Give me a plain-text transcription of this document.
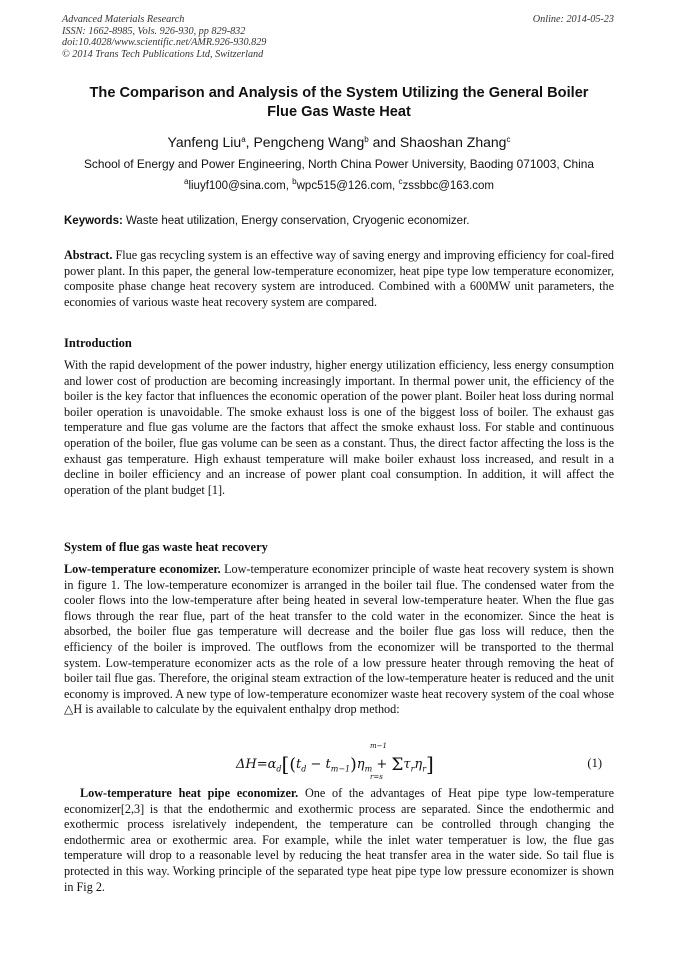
Advanced Materials Research
ISSN: 1662-8985, Vols. 926-930, pp 829-832
doi:10.4028/www.scientific.net/AMR.926-930.829
© 2014 Trans Tech Publications Ltd, Switzerland
Online: 2014-05-23
The Comparison and Analysis of the System Utilizing the General Boiler
Flue Gas Waste Heat
Yanfeng Liu$^a$, Pengcheng Wang$^b$ and Shaoshan Zhang$^c$
School of Energy and Power Engineering, North China Power University, Baoding 071003, China
$^a$liuyf100@sina.com, $^b$wpc515@126.com, $^c$zssbbc@163.com
Keywords: Waste heat utilization, Energy conservation, Cryogenic economizer.
Abstract. Flue gas recycling system is an effective way of saving energy and improving efficiency for coal-fired power plant. In this paper, the general low-temperature economizer, heat pipe type low temperature economizer, composite phase change heat recovery system are introduced. Combined with a 600MW unit parameters, the economies of various waste heat recovery system are compared.
Introduction
With the rapid development of the power industry, higher energy utilization efficiency, less energy consumption and lower cost of production are becoming increasingly important. In thermal power unit, the efficiency of the boiler is the key factor that influences the economic operation of the power plant. Boiler heat loss during normal boiler operation is unavoidable. The smoke exhaust loss is one of the biggest loss of boiler. The exhaust gas temperature and flue gas volume are the factors that affect the smoke exhaust loss. For stable and continuous operation of the boiler, flue gas volume can be seen as a constant. Thus, the direct factor affecting the loss is the exhaust gas temperature. High exhaust temperature will make boiler exhaust loss increased, and result in a decline in boiler efficiency and an increase of power plant coal consumption. In addition, it will affect the operation of the plant budget [1].
System of flue gas waste heat recovery
Low-temperature economizer. Low-temperature economizer principle of waste heat recovery system is shown in figure 1. The low-temperature economizer is arranged in the boiler tail flue. The condensed water from the cooler flows into the low-temperature after being heated in several low-temperature heater. When the flue gas flows through the rear flue, part of the heat transfer to the cold water in the economizer. Since the heat is absorbed, the boiler flue gas temperature will decrease and the boiler flue gas loss will reduce, then the efficiency of the boiler is improved. The outflows from the economizer will be transported to the thermal system. Low-temperature economizer acts as the role of a low pressure heater through removing the heat of boiler tail flue gas. Therefore, the original steam extraction of the low-temperature heater is reduced and the unit economy is improved. A new type of low-temperature economizer waste heat recovery system of the coal whose △H is available to calculate by the equivalent enthalpy drop method:
$\Delta H=\alpha_d[(t_d - t_{m-1})\eta_m + \Sigma\tau_r\eta_r]$
m−1
r=s
(1)
Low-temperature heat pipe economizer. One of the advantages of Heat pipe type low-temperature economizer[2,3] is that the endothermic and exothermic process are separated. Since the endothermic and exothermic process isrelatively independent, the temperature can be controlled through changing the endothermic area or exothermic area. For example, while the inlet water temperatuer is low, the flue gas temperature will drop to a reasonable level by reducing the heat transfer area in the water side. So tail flue is protected in this way. Working principle of the separated type heat pipe type low pressure economizer is shown in Fig 2.
